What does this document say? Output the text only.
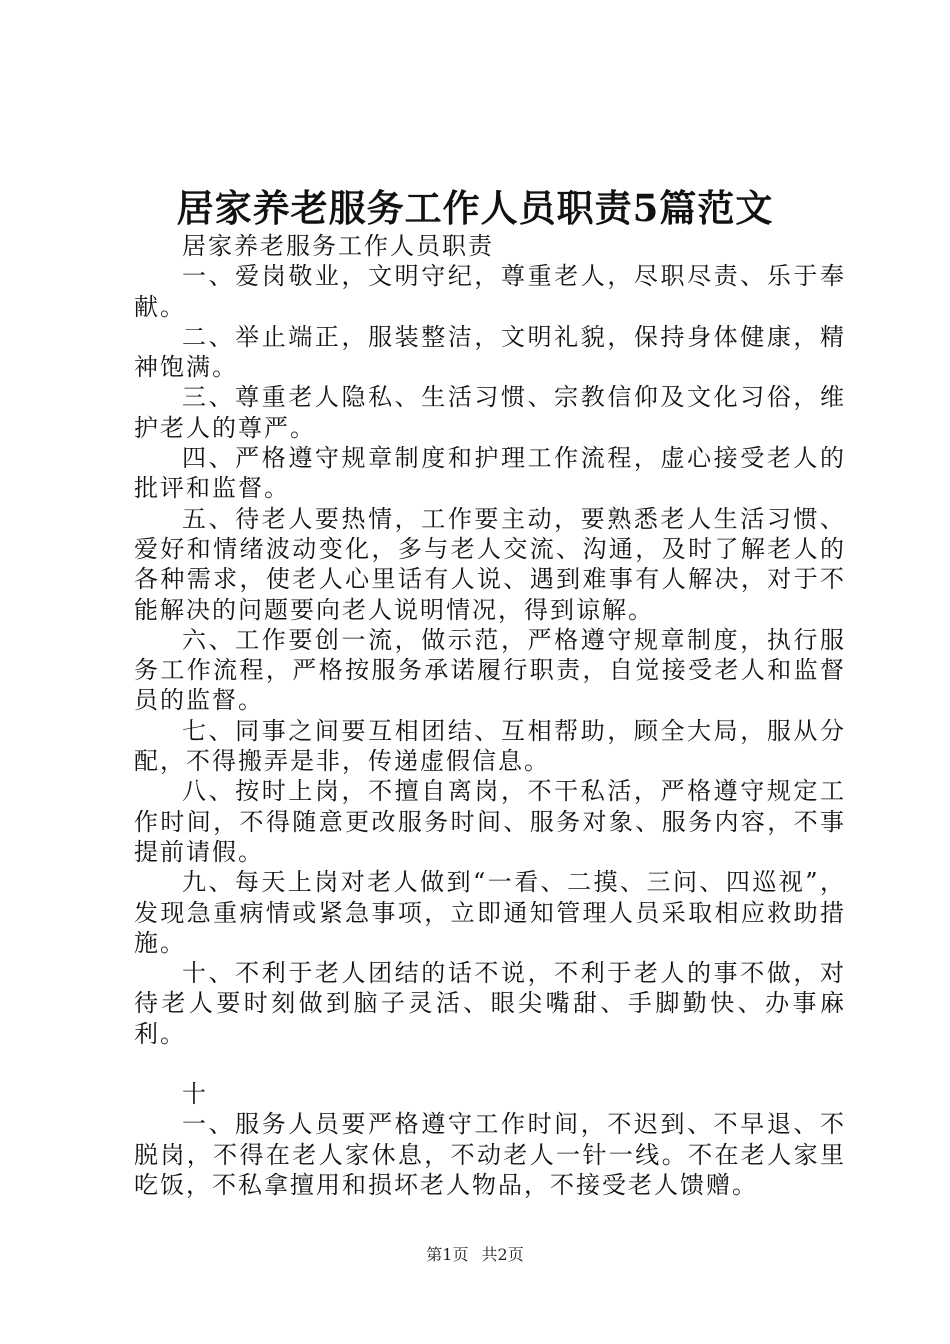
居家养老服务工作人员职责5篇范文

居家养老服务工作人员职责

一、爱岗敬业，文明守纪，尊重老人，尽职尽责、乐于奉献。

二、举止端正，服装整洁，文明礼貌，保持身体健康，精神饱满。

三、尊重老人隐私、生活习惯、宗教信仰及文化习俗，维护老人的尊严。

四、严格遵守规章制度和护理工作流程，虚心接受老人的批评和监督。

五、待老人要热情，工作要主动，要熟悉老人生活习惯、爱好和情绪波动变化，多与老人交流、沟通，及时了解老人的各种需求，使老人心里话有人说、遇到难事有人解决，对于不能解决的问题要向老人说明情况，得到谅解。

六、工作要创一流，做示范，严格遵守规章制度，执行服务工作流程，严格按服务承诺履行职责，自觉接受老人和监督员的监督。

七、同事之间要互相团结、互相帮助，顾全大局，服从分配，不得搬弄是非，传递虚假信息。

八、按时上岗，不擅自离岗，不干私活，严格遵守规定工作时间，不得随意更改服务时间、服务对象、服务内容，不事提前请假。

九、每天上岗对老人做到“一看、二摸、三问、四巡视”，发现急重病情或紧急事项，立即通知管理人员采取相应救助措施。

十、不利于老人团结的话不说，不利于老人的事不做，对待老人要时刻做到脑子灵活、眼尖嘴甜、手脚勤快、办事麻利。

十

一、服务人员要严格遵守工作时间，不迟到、不早退、不脱岗，不得在老人家休息，不动老人一针一线。不在老人家里吃饭，不私拿擅用和损坏老人物品，不接受老人馈赠。

第1页 共2页
